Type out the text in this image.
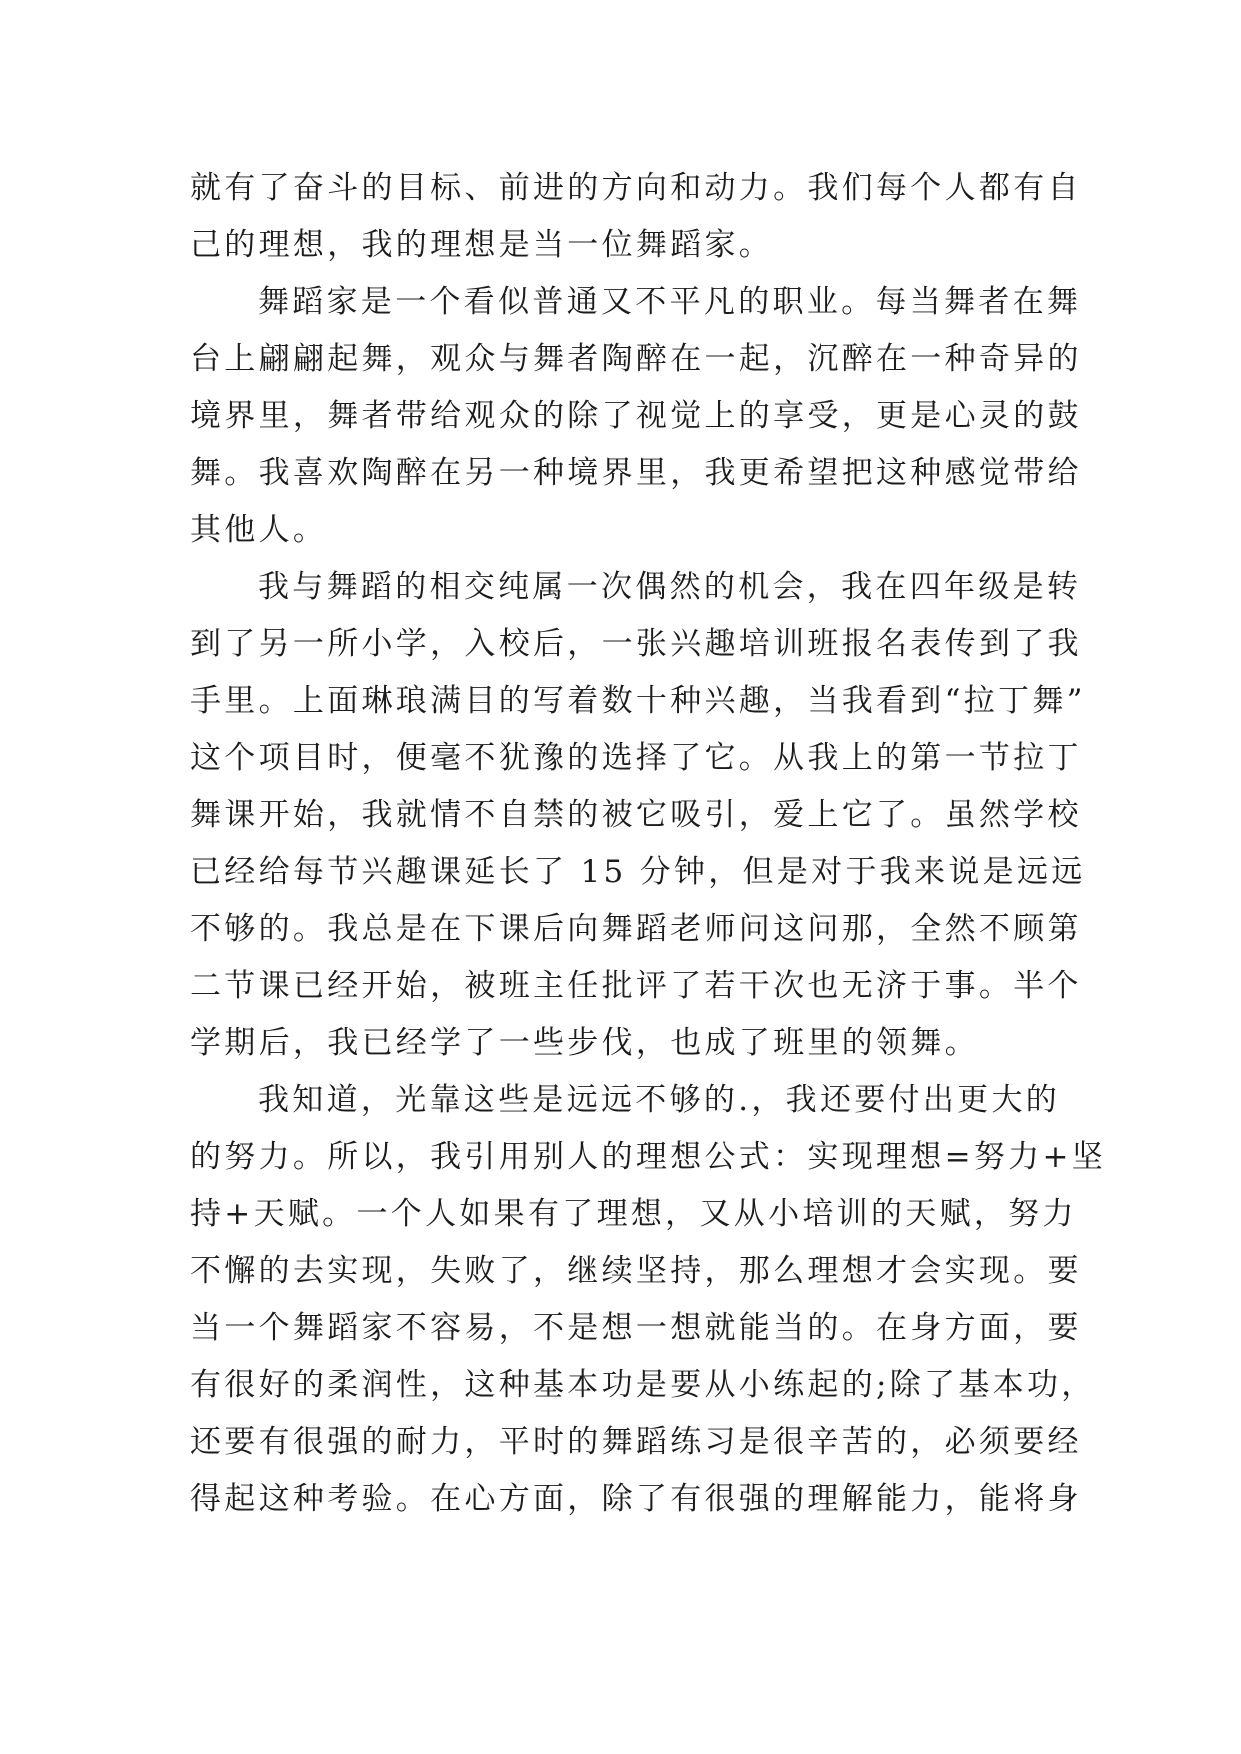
就有了奋斗的目标、前进的方向和动力。我们每个人都有自
己的理想，我的理想是当一位舞蹈家。
舞蹈家是一个看似普通又不平凡的职业。每当舞者在舞
台上翩翩起舞，观众与舞者陶醉在一起，沉醉在一种奇异的
境界里，舞者带给观众的除了视觉上的享受，更是心灵的鼓
舞。我喜欢陶醉在另一种境界里，我更希望把这种感觉带给
其他人。
我与舞蹈的相交纯属一次偶然的机会，我在四年级是转
到了另一所小学，入校后，一张兴趣培训班报名表传到了我
手里。上面琳琅满目的写着数十种兴趣，当我看到“拉丁舞”
这个项目时，便毫不犹豫的选择了它。从我上的第一节拉丁
舞课开始，我就情不自禁的被它吸引，爱上它了。虽然学校
已经给每节兴趣课延长了 15 分钟，但是对于我来说是远远
不够的。我总是在下课后向舞蹈老师问这问那，全然不顾第
二节课已经开始，被班主任批评了若干次也无济于事。半个
学期后，我已经学了一些步伐，也成了班里的领舞。
我知道，光靠这些是远远不够的.，我还要付出更大的
的努力。所以，我引用别人的理想公式：实现理想=努力+坚
持+天赋。一个人如果有了理想，又从小培训的天赋，努力
不懈的去实现，失败了，继续坚持，那么理想才会实现。要
当一个舞蹈家不容易，不是想一想就能当的。在身方面，要
有很好的柔润性，这种基本功是要从小练起的;除了基本功，
还要有很强的耐力，平时的舞蹈练习是很辛苦的，必须要经
得起这种考验。在心方面，除了有很强的理解能力，能将身
